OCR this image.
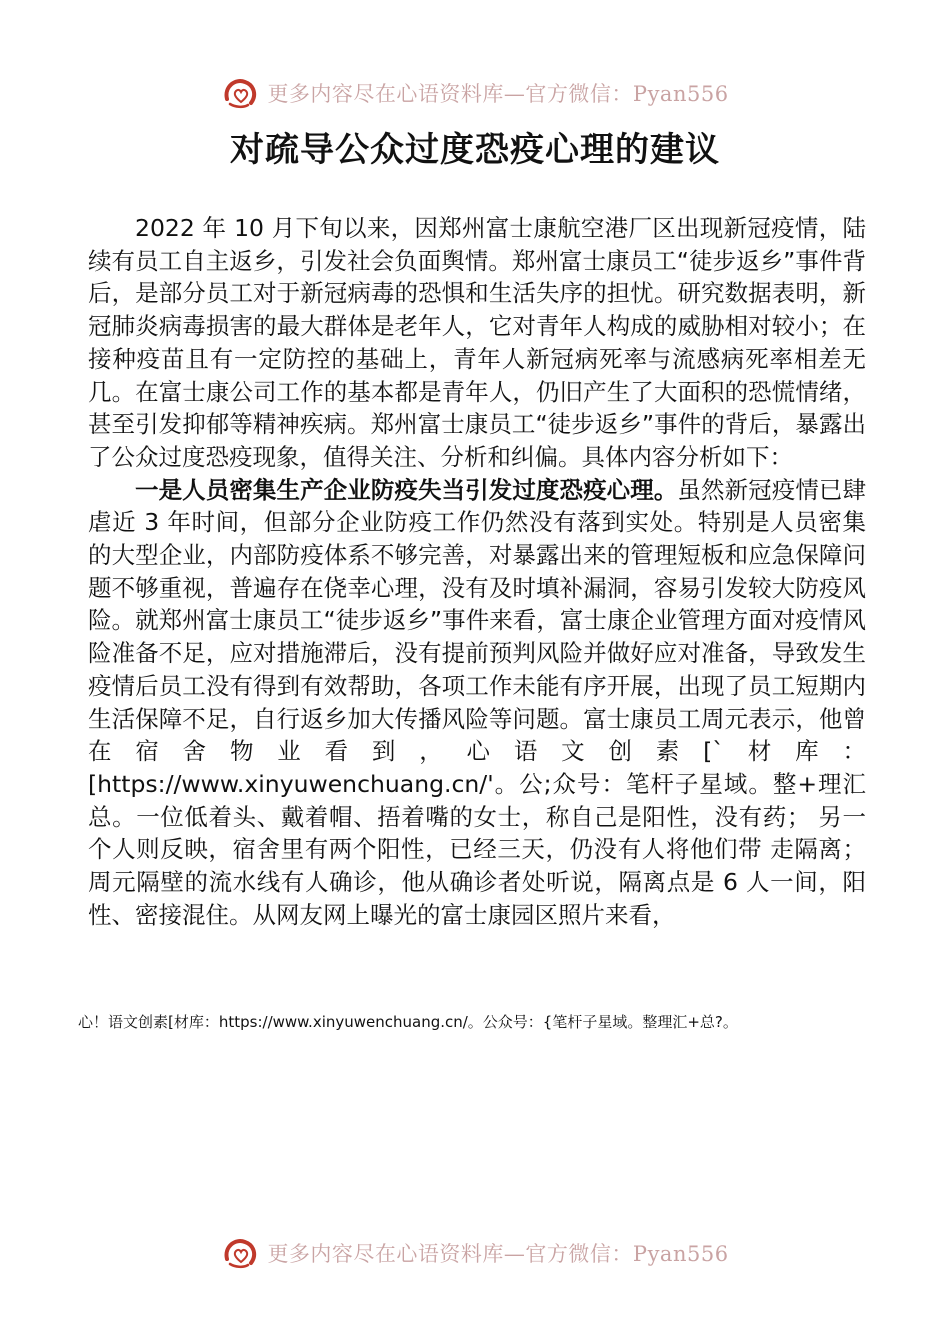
更多内容尽在心语资料库—官方微信：Pyan556
对疏导公众过度恐疫心理的建议

2022 年 10 月下旬以来，因郑州富士康航空港厂区出现新冠疫情，陆续有员工自主返乡，引发社会负面舆情。郑州富士康员工“徒步返乡”事件背后，是部分员工对于新冠病毒的恐惧和生活失序的担忧。研究数据表明，新冠肺炎病毒损害的最大群体是老年人，它对青年人构成的威胁相对较小；在接种疫苗且有一定防控的基础上，青年人新冠病死率与流感病死率相差无几。在富士康公司工作的基本都是青年人，仍旧产生了大面积的恐慌情绪，甚至引发抑郁等精神疾病。郑州富士康员工“徒步返乡”事件的背后，暴露出了公众过度恐疫现象，值得关注、分析和纠偏。具体内容分析如下：

一是人员密集生产企业防疫失当引发过度恐疫心理。虽然新冠疫情已肆虐近 3 年时间，但部分企业防疫工作仍然没有落到实处。特别是人员密集的大型企业，内部防疫体系不够完善，对暴露出来的管理短板和应急保障问题不够重视，普遍存在侥幸心理，没有及时填补漏洞，容易引发较大防疫风险。就郑州富士康员工“徒步返乡”事件来看，富士康企业管理方面对疫情风险准备不足，应对措施滞后，没有提前预判风险并做好应对准备，导致发生疫情后员工没有得到有效帮助，各项工作未能有序开展，出现了员工短期内生活保障不足，自行返乡加大传播风险等问题。富士康员工周元表示，他曾在宿舍物业看到，心语文创素[`材库：[https://www.xinyuwenchuang.cn/'。公;众号：笔杆子星域。整+理汇总。一位低着头、戴着帽、捂着嘴的女士，称自己是阳性，没有药； 另一个人则反映，宿舍里有两个阳性，已经三天，仍没有人将他们带 走隔离；周元隔壁的流水线有人确诊，他从确诊者处听说，隔离点是 6 人一间，阳性、密接混住。从网友网上曝光的富士康园区照片来看，

心！语文创素[材库：https://www.xinyuwenchuang.cn/。公众号：{笔杆子星域。整理汇+总?。
更多内容尽在心语资料库—官方微信：Pyan556
